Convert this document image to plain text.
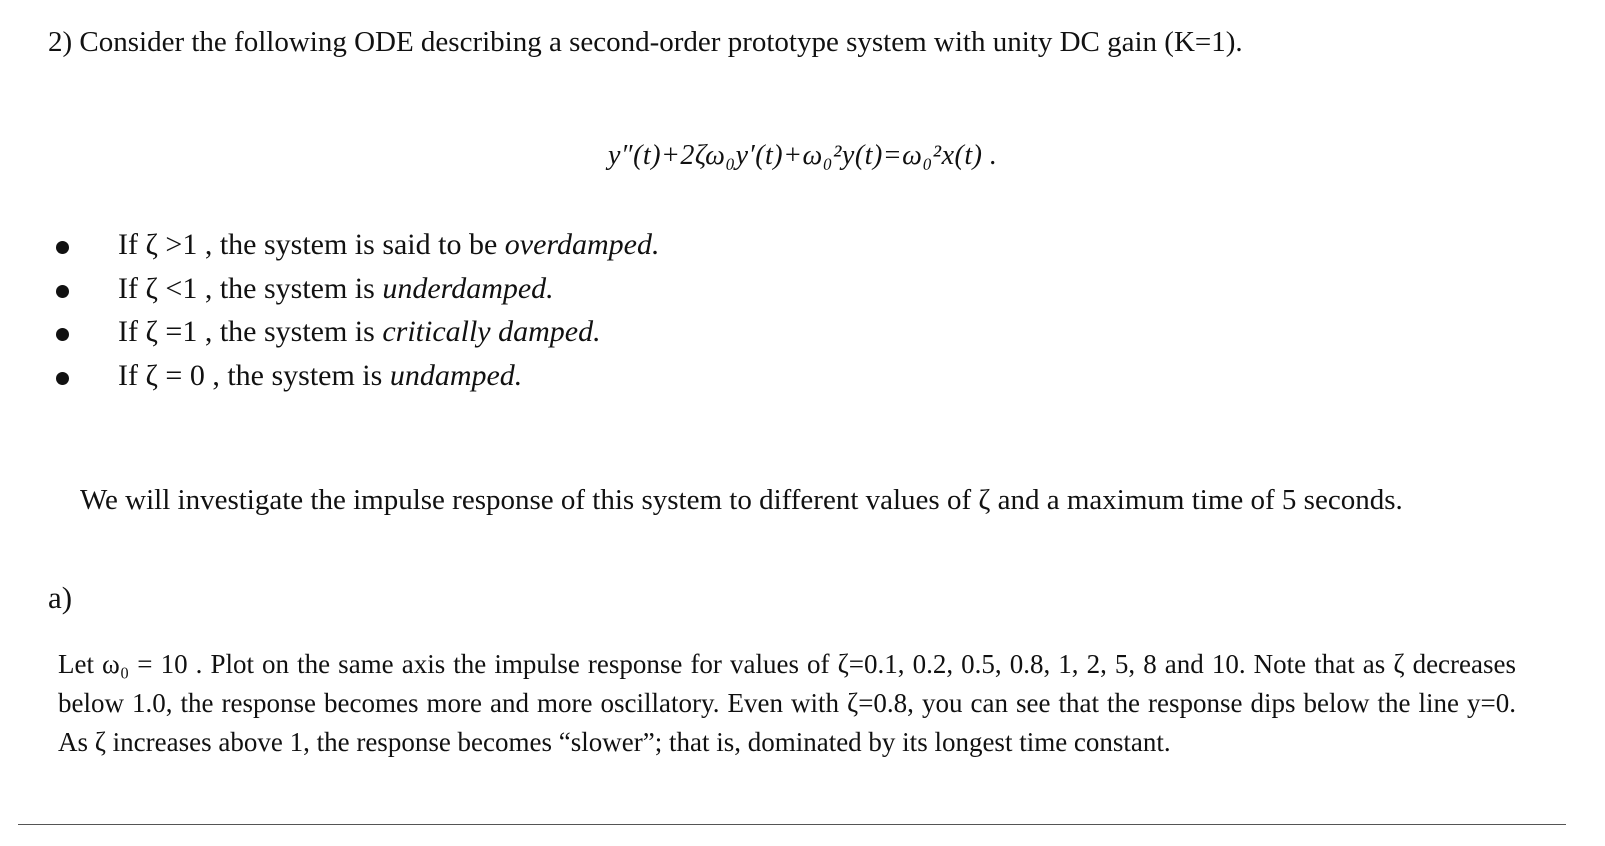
2) Consider the following ODE describing a second-order prototype system with unity DC gain (K=1).
y″(t)+2ζω₀y′(t)+ω₀²y(t)=ω₀²x(t) .
If ζ >1 , the system is said to be overdamped.
If ζ <1 , the system is underdamped.
If ζ =1 , the system is critically damped.
If ζ = 0 , the system is undamped.
We will investigate the impulse response of this system to different values of ζ and a maximum time of 5 seconds.
a)
Let ω₀ = 10 . Plot on the same axis the impulse response for values of ζ=0.1, 0.2, 0.5, 0.8, 1, 2, 5, 8 and 10. Note that as ζ decreases below 1.0, the response becomes more and more oscillatory. Even with ζ=0.8, you can see that the response dips below the line y=0. As ζ increases above 1, the response becomes “slower”; that is, dominated by its longest time constant.
